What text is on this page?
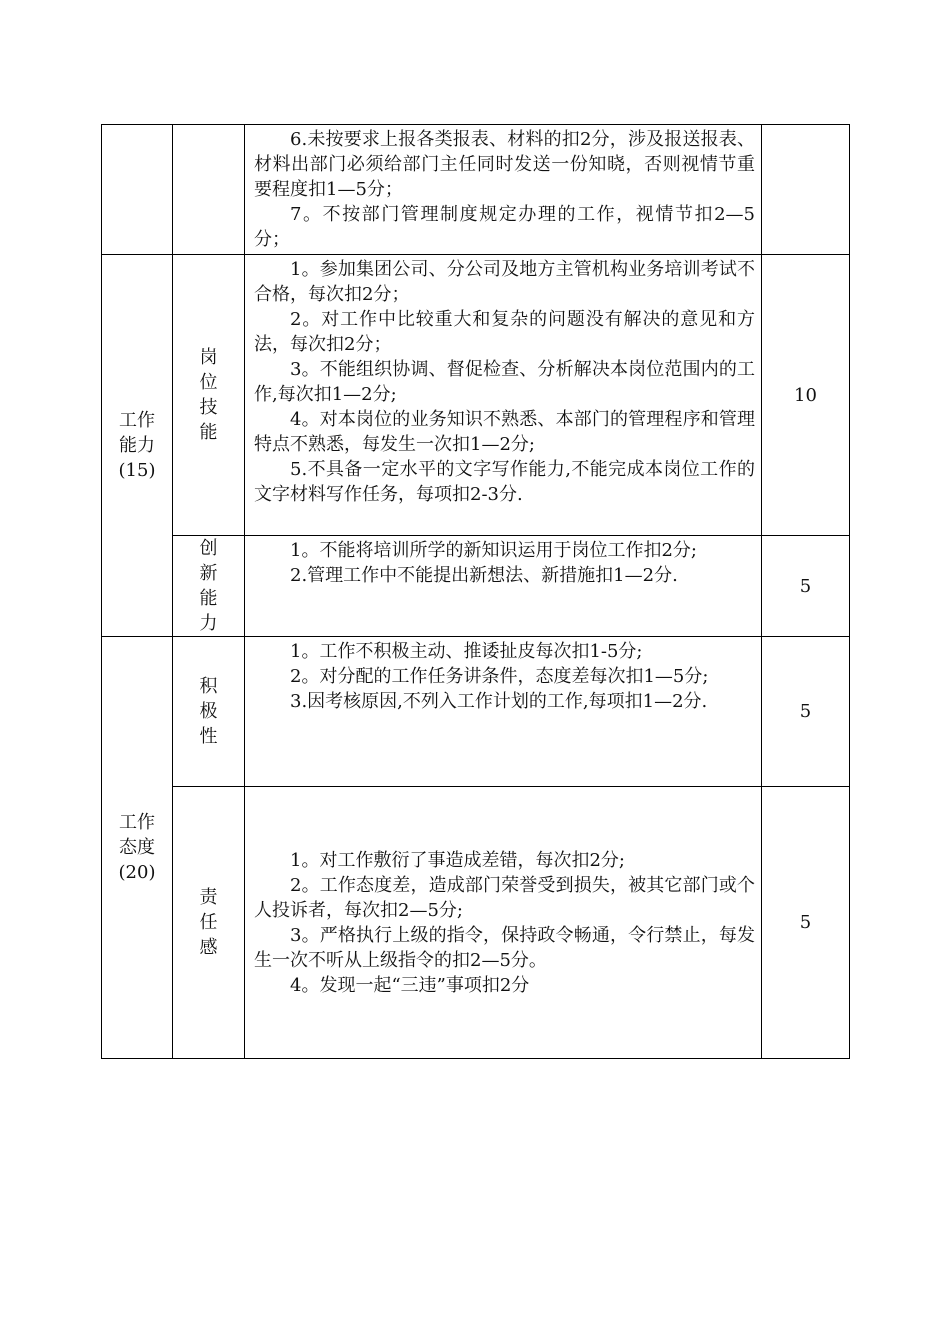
		6.未按要求上报各类报表、材料的扣2分，涉及报送报表、材料出部门必须给部门主任同时发送一份知晓，否则视情节重要程度扣1—5分；

7。不按部门管理制度规定办理的工作，视情节扣2—5分；	

工作能力(15)	岗位技能	1。参加集团公司、分公司及地方主管机构业务培训考试不合格，每次扣2分；

2。对工作中比较重大和复杂的问题没有解决的意见和方法，每次扣2分；

3。不能组织协调、督促检查、分析解决本岗位范围内的工作,每次扣1—2分;

4。对本岗位的业务知识不熟悉、本部门的管理程序和管理特点不熟悉，每发生一次扣1—2分;

5.不具备一定水平的文字写作能力,不能完成本岗位工作的文字材料写作任务，每项扣2-3分.	10

	创新能力	1。不能将培训所学的新知识运用于岗位工作扣2分;

2.管理工作中不能提出新想法、新措施扣1—2分.	5

工作态度(20)	积极性	1。工作不积极主动、推诿扯皮每次扣1-5分;

2。对分配的工作任务讲条件，态度差每次扣1—5分;

3.因考核原因,不列入工作计划的工作,每项扣1—2分.	5

	责任感	1。对工作敷衍了事造成差错，每次扣2分;

2。工作态度差，造成部门荣誉受到损失，被其它部门或个人投诉者，每次扣2—5分;

3。严格执行上级的指令，保持政令畅通，令行禁止，每发生一次不听从上级指令的扣2—5分。

4。发现一起“三违”事项扣2分	5
